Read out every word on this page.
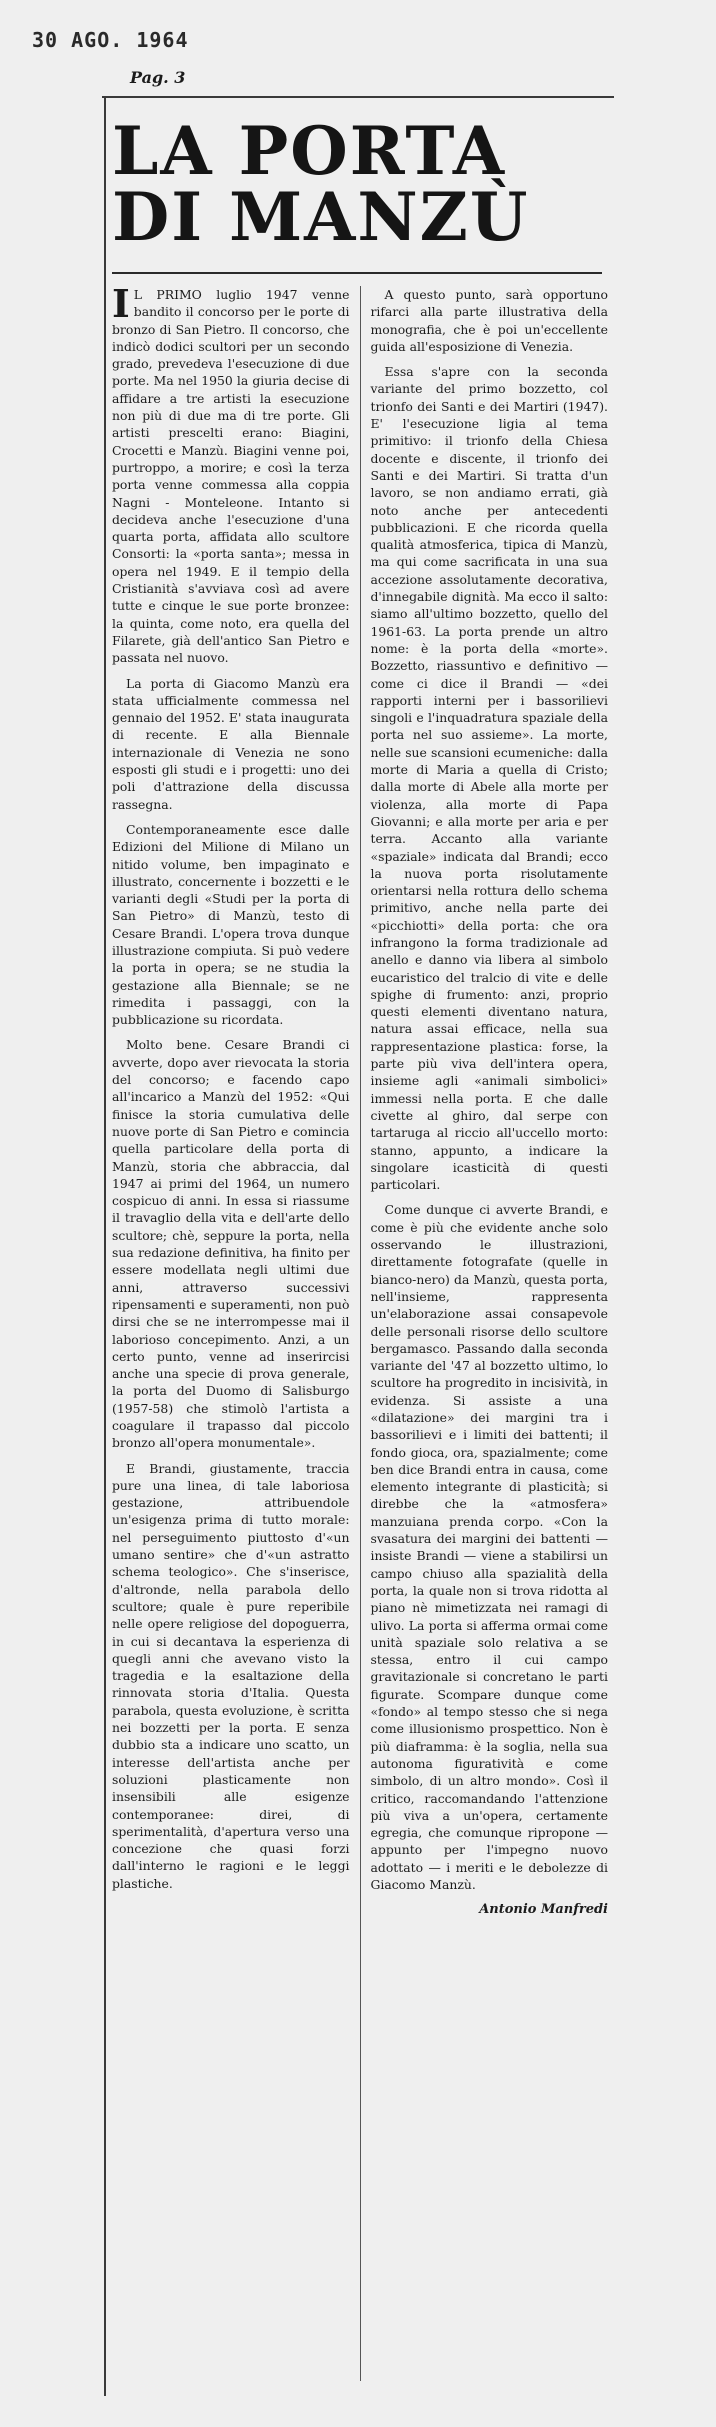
30 AGO. 1964
Pag. 3
LA PORTA
DI MANZÙ

I L PRIMO luglio 1947 venne bandito il concorso per le porte di bronzo di San Pietro. Il concorso, che indicò dodici scultori per un secondo grado, prevedeva l'esecuzione di due porte. Ma nel 1950 la giuria decise di affidare a tre artisti la esecuzione non più di due ma di tre porte. Gli artisti prescelti erano: Biagini, Crocetti e Manzù. Biagini venne poi, purtroppo, a morire; e così la terza porta venne commessa alla coppia Nagni - Monteleone. Intanto si decideva anche l'esecuzione d'una quarta porta, affidata allo scultore Consorti: la «porta santa»; messa in opera nel 1949. E il tempio della Cristianità s'avviava così ad avere tutte e cinque le sue porte bronzee: la quinta, come noto, era quella del Filarete, già dell'antico San Pietro e passata nel nuovo.

La porta di Giacomo Manzù era stata ufficialmente commessa nel gennaio del 1952. E' stata inaugurata di recente. E alla Biennale internazionale di Venezia ne sono esposti gli studi e i progetti: uno dei poli d'attrazione della discussa rassegna.

Contemporaneamente esce dalle Edizioni del Milione di Milano un nitido volume, ben impaginato e illustrato, concernente i bozzetti e le varianti degli «Studi per la porta di San Pietro» di Manzù, testo di Cesare Brandi. L'opera trova dunque illustrazione compiuta. Si può vedere la porta in opera; se ne studia la gestazione alla Biennale; se ne rimedita i passaggi, con la pubblicazione su ricordata.

Molto bene. Cesare Brandi ci avverte, dopo aver rievocata la storia del concorso; e facendo capo all'incarico a Manzù del 1952: «Qui finisce la storia cumulativa delle nuove porte di San Pietro e comincia quella particolare della porta di Manzù, storia che abbraccia, dal 1947 ai primi del 1964, un numero cospicuo di anni. In essa si riassume il travaglio della vita e dell'arte dello scultore; chè, seppure la porta, nella sua redazione definitiva, ha finito per essere modellata negli ultimi due anni, attraverso successivi ripensamenti e superamenti, non può dirsi che se ne interrompesse mai il laborioso concepimento. Anzi, a un certo punto, venne ad inserircisi anche una specie di prova generale, la porta del Duomo di Salisburgo (1957-58) che stimolò l'artista a coagulare il trapasso dal piccolo bronzo all'opera monumentale».

E Brandi, giustamente, traccia pure una linea, di tale laboriosa gestazione, attribuendole un'esigenza prima di tutto morale: nel perseguimento piuttosto d'«un umano sentire» che d'«un astratto schema teologico». Che s'inserisce, d'altronde, nella parabola dello scultore; quale è pure reperibile nelle opere religiose del dopoguerra, in cui si decantava la esperienza di quegli anni che avevano visto la tragedia e la esaltazione della rinnovata storia d'Italia. Questa parabola, questa evoluzione, è scritta nei bozzetti per la porta. E senza dubbio sta a indicare uno scatto, un interesse dell'artista anche per soluzioni plasticamente non insensibili alle esigenze contemporanee: direi, di sperimentalità, d'apertura verso una concezione che quasi forzi dall'interno le ragioni e le leggi plastiche.

A questo punto, sarà opportuno rifarci alla parte illustrativa della monografia, che è poi un'eccellente guida all'esposizione di Venezia.

Essa s'apre con la seconda variante del primo bozzetto, col trionfo dei Santi e dei Martiri (1947). E' l'esecuzione ligia al tema primitivo: il trionfo della Chiesa docente e discente, il trionfo dei Santi e dei Martiri. Si tratta d'un lavoro, se non andiamo errati, già noto anche per antecedenti pubblicazioni. E che ricorda quella qualità atmosferica, tipica di Manzù, ma qui come sacrificata in una sua accezione assolutamente decorativa, d'innegabile dignità. Ma ecco il salto: siamo all'ultimo bozzetto, quello del 1961-63. La porta prende un altro nome: è la porta della «morte». Bozzetto, riassuntivo e definitivo — come ci dice il Brandi — «dei rapporti interni per i bassorilievi singoli e l'inquadratura spaziale della porta nel suo assieme». La morte, nelle sue scansioni ecumeniche: dalla morte di Maria a quella di Cristo; dalla morte di Abele alla morte per violenza, alla morte di Papa Giovanni; e alla morte per aria e per terra. Accanto alla variante «spaziale» indicata dal Brandi; ecco la nuova porta risolutamente orientarsi nella rottura dello schema primitivo, anche nella parte dei «picchiotti» della porta: che ora infrangono la forma tradizionale ad anello e danno via libera al simbolo eucaristico del tralcio di vite e delle spighe di frumento: anzi, proprio questi elementi diventano natura, natura assai efficace, nella sua rappresentazione plastica: forse, la parte più viva dell'intera opera, insieme agli «animali simbolici» immessi nella porta. E che dalle civette al ghiro, dal serpe con tartaruga al riccio all'uccello morto: stanno, appunto, a indicare la singolare icasticità di questi particolari.

Come dunque ci avverte Brandi, e come è più che evidente anche solo osservando le illustrazioni, direttamente fotografate (quelle in bianco-nero) da Manzù, questa porta, nell'insieme, rappresenta un'elaborazione assai consapevole delle personali risorse dello scultore bergamasco. Passando dalla seconda variante del '47 al bozzetto ultimo, lo scultore ha progredito in incisività, in evidenza. Si assiste a una «dilatazione» dei margini tra i bassorilievi e i limiti dei battenti; il fondo gioca, ora, spazialmente; come ben dice Brandi entra in causa, come elemento integrante di plasticità; si direbbe che la «atmosfera» manzuiana prenda corpo. «Con la svasatura dei margini dei battenti — insiste Brandi — viene a stabilirsi un campo chiuso alla spazialità della porta, la quale non si trova ridotta al piano nè mimetizzata nei ramagi di ulivo. La porta si afferma ormai come unità spaziale solo relativa a se stessa, entro il cui campo gravitazionale si concretano le parti figurate. Scompare dunque come «fondo» al tempo stesso che si nega come illusionismo prospettico. Non è più diaframma: è la soglia, nella sua autonoma figuratività e come simbolo, di un altro mondo». Così il critico, raccomandando l'attenzione più viva a un'opera, certamente egregia, che comunque ripropone — appunto per l'impegno nuovo adottato — i meriti e le debolezze di Giacomo Manzù.

Antonio Manfredi
